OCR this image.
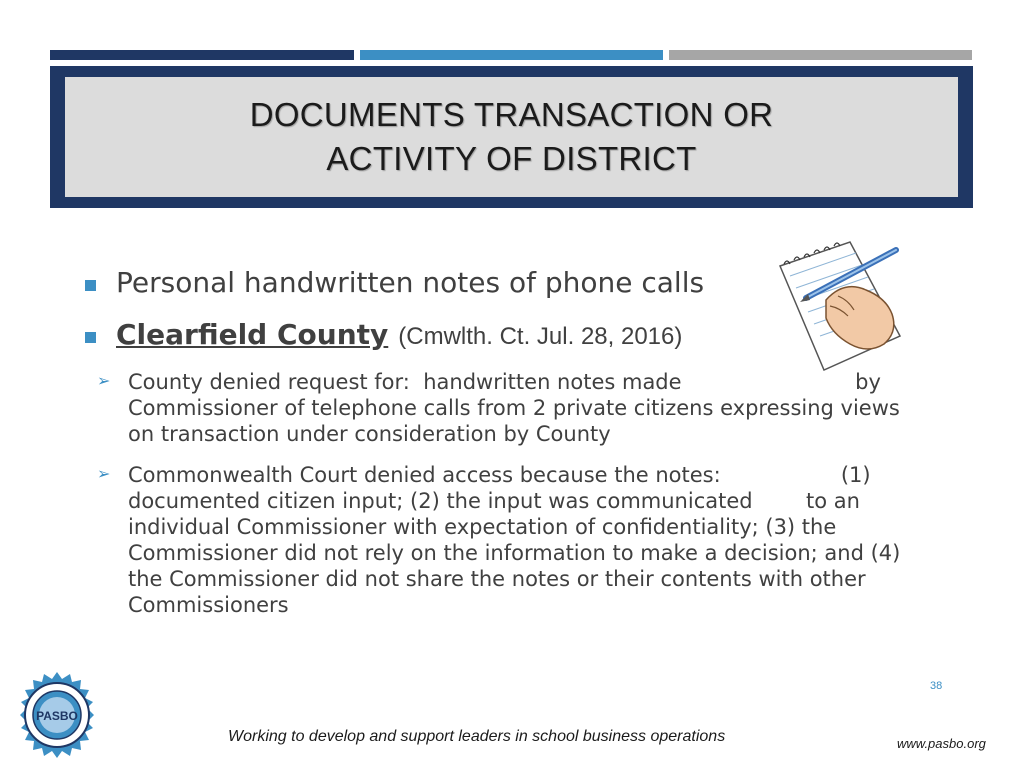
DOCUMENTS TRANSACTION OR
ACTIVITY OF DISTRICT
Personal handwritten notes of phone calls
Clearfield County (Cmwlth. Ct. Jul. 28, 2016)
➢ County denied request for:  handwritten notes made                          by
Commissioner of telephone calls from 2 private citizens expressing views
on transaction under consideration by County
➢ Commonwealth Court denied access because the notes:                  (1)
documented citizen input; (2) the input was communicated        to an
individual Commissioner with expectation of confidentiality; (3) the
Commissioner did not rely on the information to make a decision; and (4)
the Commissioner did not share the notes or their contents with other
Commissioners
PASBO
38
Working to develop and support leaders in school business operations	www.pasbo.org
